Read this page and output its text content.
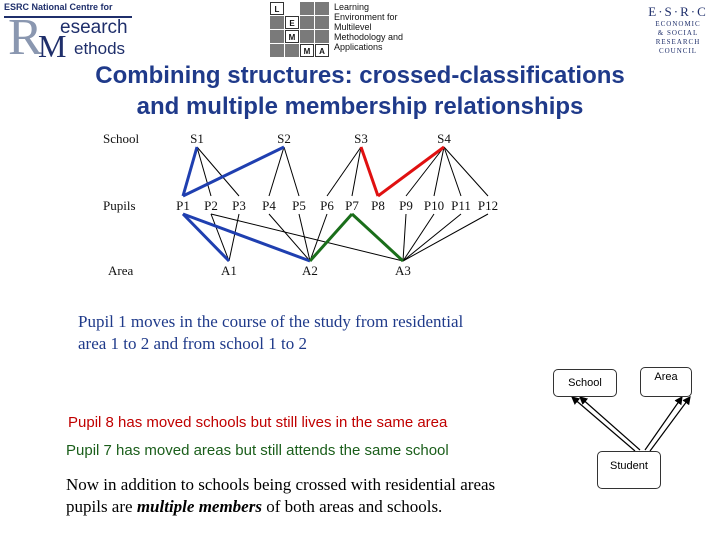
ESRC National Centre for
R esearch
M ethods
L
E
M
M	A
Learning
Environment for
Multilevel
Methodology and
Applications
E·S·R·C
ECONOMIC
& SOCIAL
RESEARCH
COUNCIL
Combining structures: crossed-classifications
and multiple membership relationships
School
Pupils
Area
S1	S2	S3	S4
P1 P2 P3 P4 P5 P6 P7 P8 P9 P10 P11 P12
A1	A2	A3
Pupil 1 moves in the course of the study from residential
area 1 to 2 and from school 1 to 2
Pupil 8 has moved schools but still lives in the same area
Pupil 7 has moved areas but still attends the same school
Now in addition to schools being crossed with residential areas
pupils are multiple members of both areas and schools.
School	Area
Student
